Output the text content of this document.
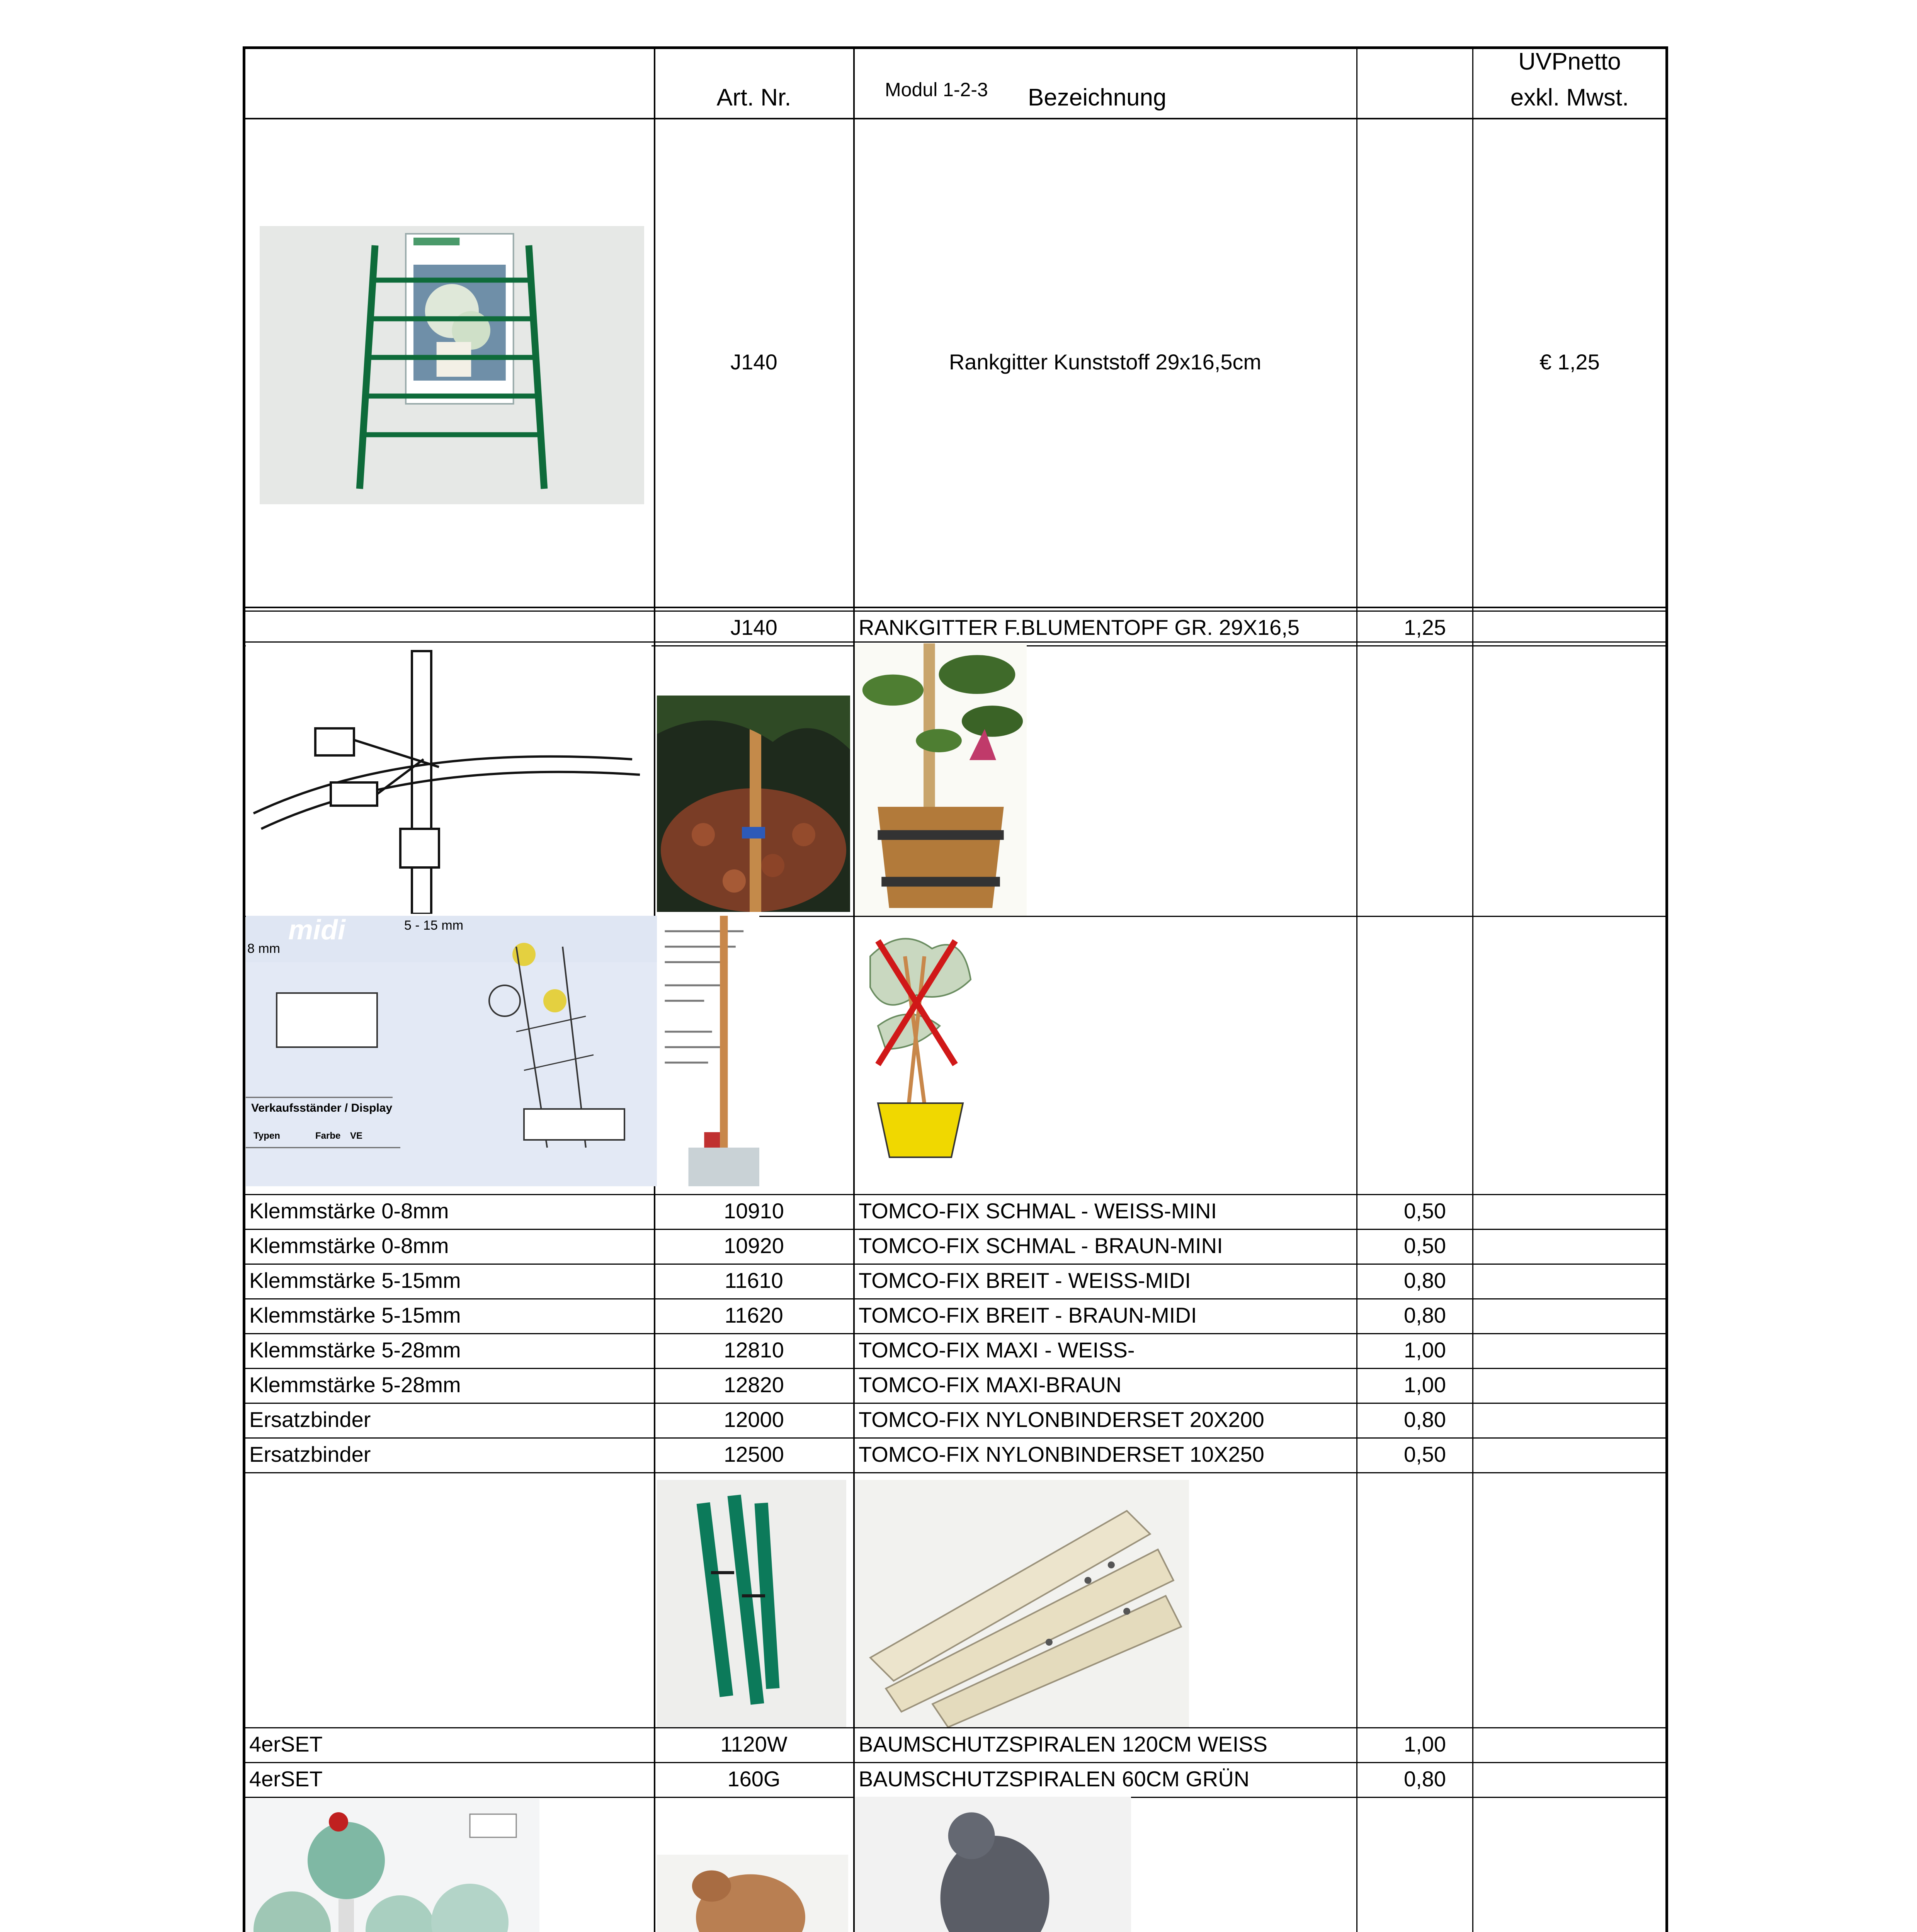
Art. Nr.	Modul 1-2-3 Bezeichnung
UVPnetto
exkl. Mwst.
J140	Rankgitter Kunststoff 29x16,5cm	€ 1,25
midi	5 - 15 mm
8 mm
Verkaufsständer / Display
Typen	Farbe VE
J140	RANKGITTER F.BLUMENTOPF GR. 29X16,5	1,25
Klemmstärke 0-8mm	10910	TOMCO-FIX SCHMAL - WEISS-MINI	0,50
Klemmstärke 0-8mm	10920	TOMCO-FIX SCHMAL - BRAUN-MINI	0,50
Klemmstärke 5-15mm	11610	TOMCO-FIX BREIT - WEISS-MIDI	0,80
Klemmstärke 5-15mm	11620	TOMCO-FIX BREIT - BRAUN-MIDI	0,80
Klemmstärke 5-28mm	12810	TOMCO-FIX MAXI - WEISS-	1,00
Klemmstärke 5-28mm	12820	TOMCO-FIX MAXI-BRAUN	1,00
Ersatzbinder	12000	TOMCO-FIX NYLONBINDERSET 20X200	0,80
Ersatzbinder	12500	TOMCO-FIX NYLONBINDERSET 10X250	0,50
4erSET	1120W	BAUMSCHUTZSPIRALEN 120CM WEISS	1,00
4erSET	160G	BAUMSCHUTZSPIRALEN 60CM GRÜN	0,80
